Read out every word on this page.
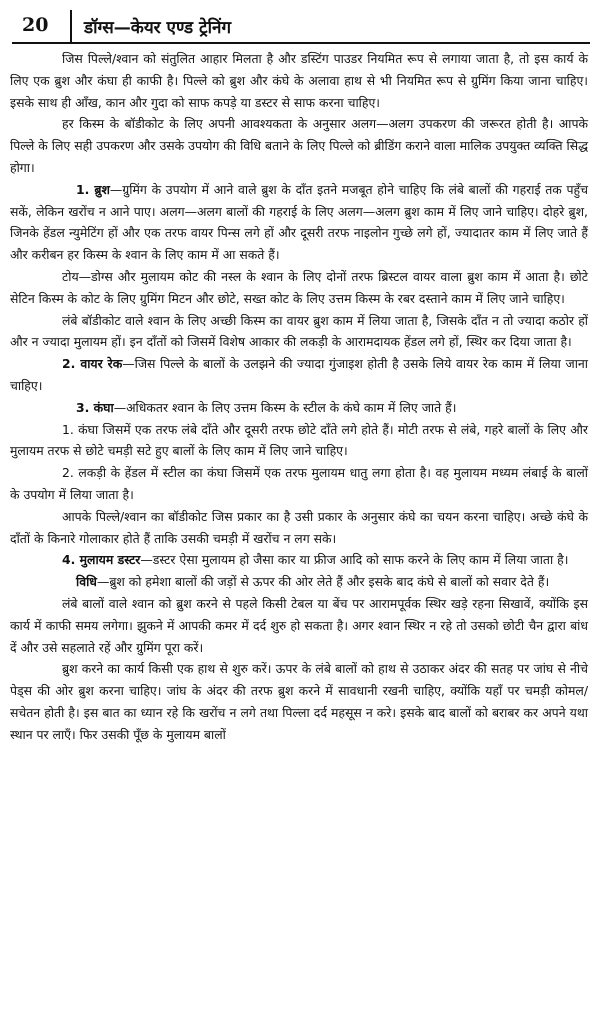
20 डॉग्स—केयर एण्ड ट्रेनिंग

जिस पिल्ले/श्वान को संतुलित आहार मिलता है और डस्टिंग पाउडर नियमित रूप से लगाया जाता है, तो इस कार्य के लिए एक ब्रुश और कंघा ही काफी है। पिल्ले को ब्रुश और कंघे के अलावा हाथ से भी नियमित रूप से ग्रुमिंग किया जाना चाहिए। इसके साथ ही आँख, कान और गुदा को साफ कपड़े या डस्टर से साफ करना चाहिए।

हर किस्म के बॉडीकोट के लिए अपनी आवश्यकता के अनुसार अलग—अलग उपकरण की जरूरत होती है। आपके पिल्ले के लिए सही उपकरण और उसके उपयोग की विधि बताने के लिए पिल्ले को ब्रीडिंग कराने वाला मालिक उपयुक्त व्यक्ति सिद्ध होगा।

1. ब्रुश—ग्रुमिंग के उपयोग में आने वाले ब्रुश के दाँत इतने मजबूत होने चाहिए कि लंबे बालों की गहराई तक पहुँच सकें, लेकिन खरोंच न आने पाए। अलग—अलग बालों की गहराई के लिए अलग—अलग ब्रुश काम में लिए जाने चाहिए। दोहरे ब्रुश, जिनके हेंडल न्युमेटिंग हों और एक तरफ वायर पिन्स लगे हों और दूसरी तरफ नाइलोन गुच्छे लगे हों, ज्यादातर काम में लिए जाते हैं और करीबन हर किस्म के श्वान के लिए काम में आ सकते हैं।

टोय—डोग्स और मुलायम कोट की नस्ल के श्वान के लिए दोनों तरफ ब्रिस्टल वायर वाला ब्रुश काम में आता है। छोटे सेटिन किस्म के कोट के लिए ग्रुमिंग मिटन और छोटे, सख्त कोट के लिए उत्तम किस्म के रबर दस्ताने काम में लिए जाने चाहिए।

लंबे बॉडीकोट वाले श्वान के लिए अच्छी किस्म का वायर ब्रुश काम में लिया जाता है, जिसके दाँत न तो ज्यादा कठोर हों और न ज्यादा मुलायम हों। इन दाँतों को जिसमें विशेष आकार की लकड़ी के आरामदायक हेंडल लगे हों, स्थिर कर दिया जाता है।

2. वायर रेक—जिस पिल्ले के बालों के उलझने की ज्यादा गुंजाइश होती है उसके लिये वायर रेक काम में लिया जाना चाहिए।

3. कंघा—अधिकतर श्वान के लिए उत्तम किस्म के स्टील के कंघे काम में लिए जाते हैं।

1. कंघा जिसमें एक तरफ लंबे दाँते और दूसरी तरफ छोटे दाँते लगे होते हैं। मोटी तरफ से लंबे, गहरे बालों के लिए और मुलायम तरफ से छोटे चमड़ी सटे हुए बालों के लिए काम में लिए जाने चाहिए।

2. लकड़ी के हेंडल में स्टील का कंघा जिसमें एक तरफ मुलायम धातु लगा होता है। वह मुलायम मध्यम लंबाई के बालों के उपयोग में लिया जाता है।

आपके पिल्ले/श्वान का बॉडीकोट जिस प्रकार का है उसी प्रकार के अनुसार कंघे का चयन करना चाहिए। अच्छे कंघे के दाँतों के किनारे गोलाकार होते हैं ताकि उसकी चमड़ी में खरोंच न लग सके।

4. मुलायम डस्टर—डस्टर ऐसा मुलायम हो जैसा कार या फ्रीज आदि को साफ करने के लिए काम में लिया जाता है।

विधि—ब्रुश को हमेशा बालों की जड़ों से ऊपर की ओर लेते हैं और इसके बाद कंघे से बालों को सवार देते हैं।

लंबे बालों वाले श्वान को ब्रुश करने से पहले किसी टेबल या बेंच पर आरामपूर्वक स्थिर खड़े रहना सिखावें, क्योंकि इस कार्य में काफी समय लगेगा। झुकने में आपकी कमर में दर्द शुरु हो सकता है। अगर श्वान स्थिर न रहे तो उसको छोटी चैन द्वारा बांध दें और उसे सहलाते रहें और ग्रुमिंग पूरा करें।

ब्रुश करने का कार्य किसी एक हाथ से शुरु करें। ऊपर के लंबे बालों को हाथ से उठाकर अंदर की सतह पर जांघ से नीचे पेड्स की ओर ब्रुश करना चाहिए। जांघ के अंदर की तरफ ब्रुश करने में सावधानी रखनी चाहिए, क्योंकि यहाँ पर चमड़ी कोमल/सचेतन होती है। इस बात का ध्यान रहे कि खरोंच न लगे तथा पिल्ला दर्द महसूस न करे। इसके बाद बालों को बराबर कर अपने यथा स्थान पर लाएँ। फिर उसकी पूँछ के मुलायम बालों
